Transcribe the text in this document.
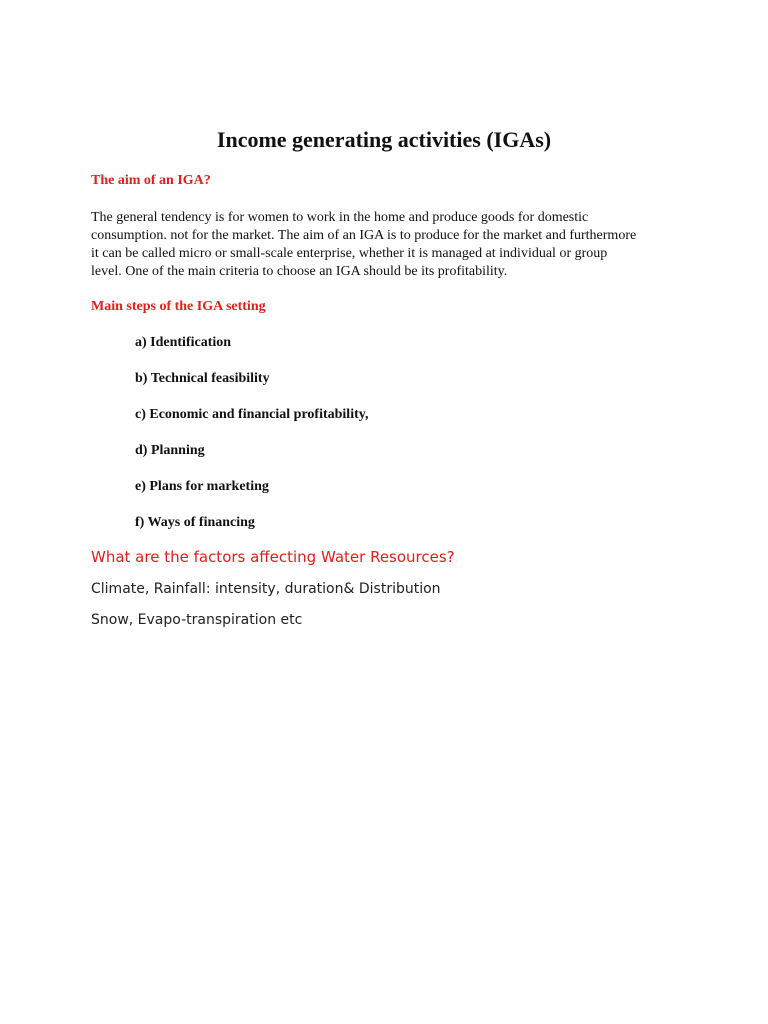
Income generating activities (IGAs)
The aim of an IGA?

The general tendency is for women to work in the home and produce goods for domestic
consumption. not for the market. The aim of an IGA is to produce for the market and furthermore
it can be called micro or small-scale enterprise, whether it is managed at individual or group
level. One of the main criteria to choose an IGA should be its profitability.

Main steps of the IGA setting
a) Identification
b) Technical feasibility
c) Economic and financial profitability,
d) Planning
e) Plans for marketing
f) Ways of financing
What are the factors affecting Water Resources?

Climate, Rainfall: intensity, duration& Distribution

Snow, Evapo-transpiration etc
